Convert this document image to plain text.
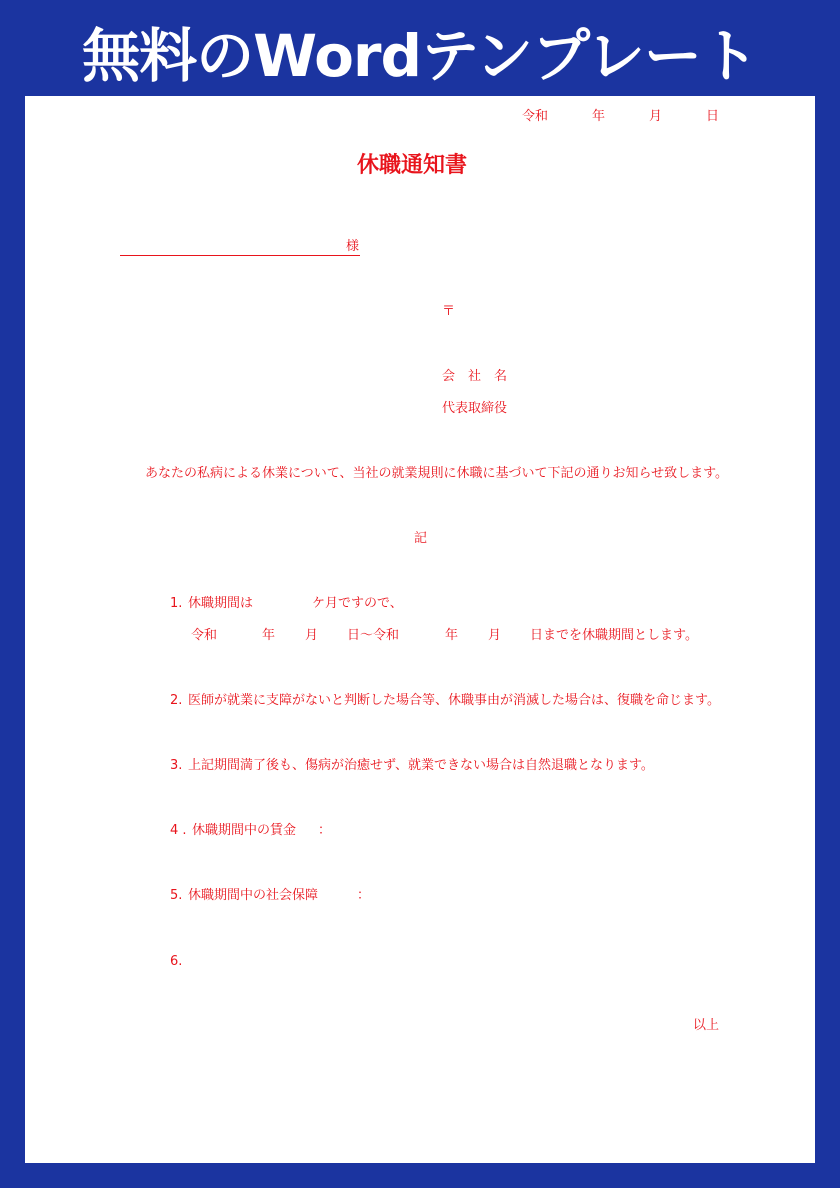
無料のWordテンプレート
令和	年	月	日
休職通知書
様
〒
会　社　名
代表取締役
あなたの私病による休業について、当社の就業規則に休職に基づいて下記の通りお知らせ致します。
記
1. 休職期間は	ケ月ですので、
令和	年 月 日～令和	年 月 日までを休職期間とします。
2. 医師が就業に支障がないと判断した場合等、休職事由が消滅した場合は、復職を命じます。
3. 上記期間満了後も、傷病が治癒せず、就業できない場合は自然退職となります。
4 . 休職期間中の賃金 ：
5. 休職期間中の社会保障	：
6.
以上
